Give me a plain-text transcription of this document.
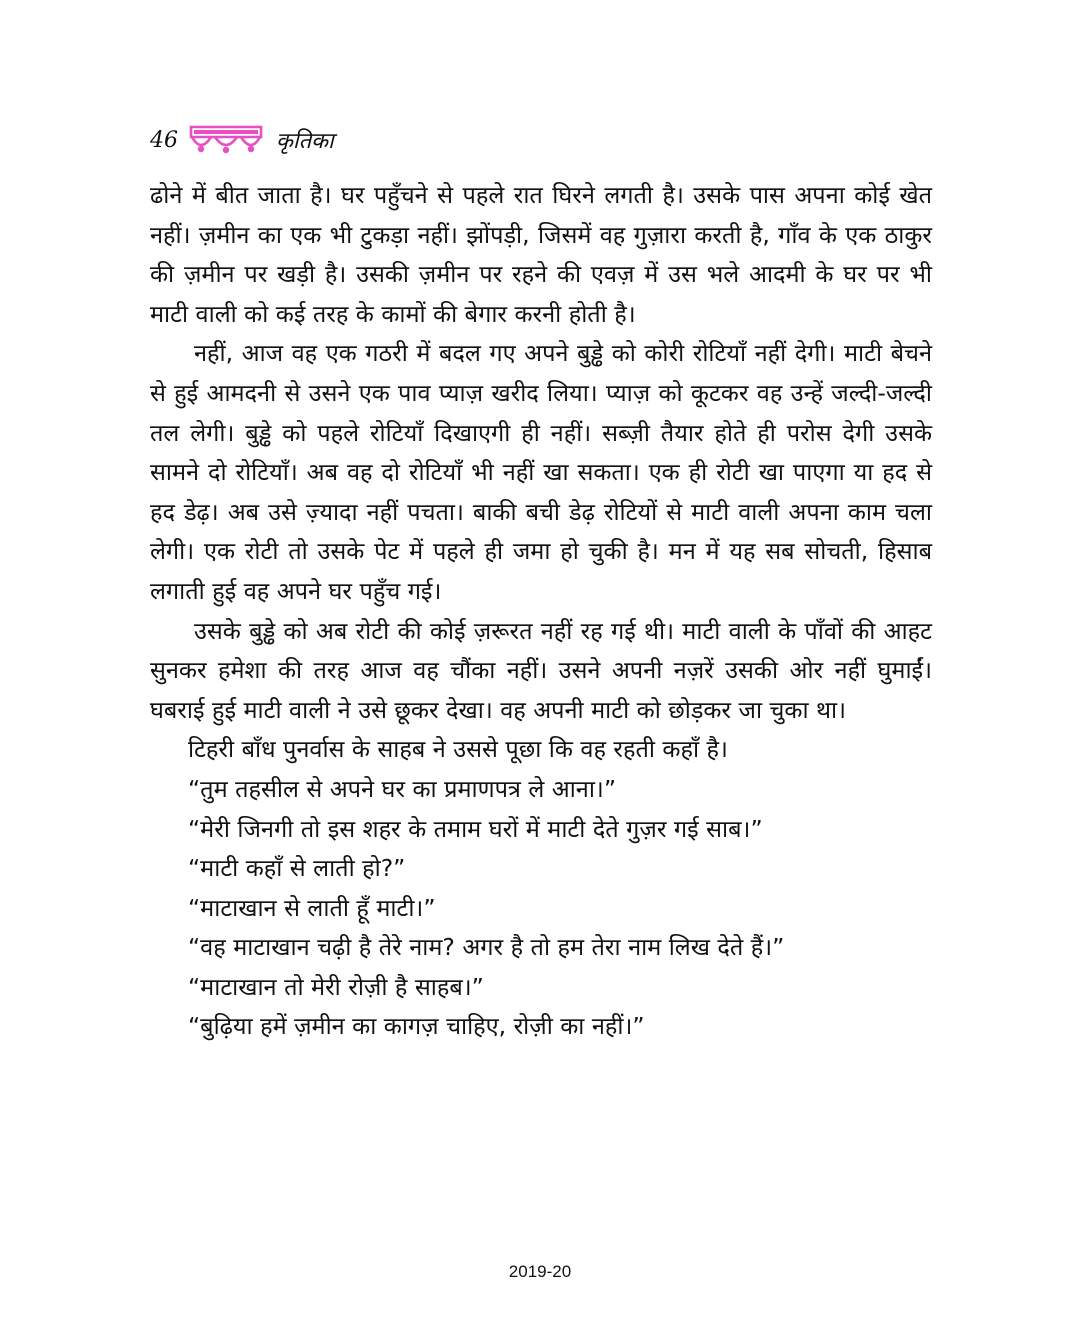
46	कृतिका

ढोने में बीत जाता है। घर पहुँचने से पहले रात घिरने लगती है। उसके पास अपना कोई खेत नहीं। ज़मीन का एक भी टुकड़ा नहीं। झोंपड़ी, जिसमें वह गुज़ारा करती है, गाँव के एक ठाकुर की ज़मीन पर खड़ी है। उसकी ज़मीन पर रहने की एवज़ में उस भले आदमी के घर पर भी माटी वाली को कई तरह के कामों की बेगार करनी होती है।

नहीं, आज वह एक गठरी में बदल गए अपने बुड्ढे को कोरी रोटियाँ नहीं देगी। माटी बेचने से हुई आमदनी से उसने एक पाव प्याज़ खरीद लिया। प्याज़ को कूटकर वह उन्हें जल्दी-जल्दी तल लेगी। बुड्ढे को पहले रोटियाँ दिखाएगी ही नहीं। सब्ज़ी तैयार होते ही परोस देगी उसके सामने दो रोटियाँ। अब वह दो रोटियाँ भी नहीं खा सकता। एक ही रोटी खा पाएगा या हद से हद डेढ़। अब उसे ज़्यादा नहीं पचता। बाकी बची डेढ़ रोटियों से माटी वाली अपना काम चला लेगी। एक रोटी तो उसके पेट में पहले ही जमा हो चुकी है। मन में यह सब सोचती, हिसाब लगाती हुई वह अपने घर पहुँच गई।

उसके बुड्ढे को अब रोटी की कोई ज़रूरत नहीं रह गई थी। माटी वाली के पाँवों की आहट सुनकर हमेशा की तरह आज वह चौंका नहीं। उसने अपनी नज़रें उसकी ओर नहीं घुमाईं। घबराई हुई माटी वाली ने उसे छूकर देखा। वह अपनी माटी को छोड़कर जा चुका था।

टिहरी बाँध पुनर्वास के साहब ने उससे पूछा कि वह रहती कहाँ है।

“तुम तहसील से अपने घर का प्रमाणपत्र ले आना।”

“मेरी जिनगी तो इस शहर के तमाम घरों में माटी देते गुज़र गई साब।”

“माटी कहाँ से लाती हो?”

“माटाखान से लाती हूँ माटी।”

“वह माटाखान चढ़ी है तेरे नाम? अगर है तो हम तेरा नाम लिख देते हैं।”

“माटाखान तो मेरी रोज़ी है साहब।”

“बुढ़िया हमें ज़मीन का कागज़ चाहिए, रोज़ी का नहीं।”

2019-20
